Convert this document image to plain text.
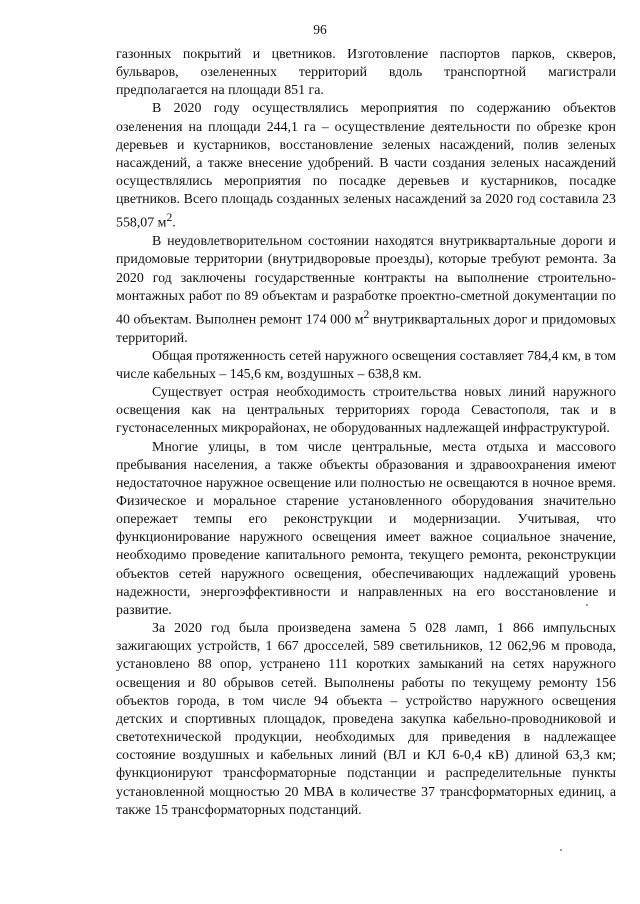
96

газонных покрытий и цветников. Изготовление паспортов парков, скверов, бульваров, озелененных территорий вдоль транспортной магистрали предполагается на площади 851 га.

В 2020 году осуществлялись мероприятия по содержанию объектов озеленения на площади 244,1 га – осуществление деятельности по обрезке крон деревьев и кустарников, восстановление зеленых насаждений, полив зеленых насаждений, а также внесение удобрений. В части создания зеленых насаждений осуществлялись мероприятия по посадке деревьев и кустарников, посадке цветников. Всего площадь созданных зеленых насаждений за 2020 год составила 23 558,07 $м^2$.

В неудовлетворительном состоянии находятся внутриквартальные дороги и придомовые территории (внутридворовые проезды), которые требуют ремонта. За 2020 год заключены государственные контракты на выполнение строительно-монтажных работ по 89 объектам и разработке проектно-сметной документации по 40 объектам. Выполнен ремонт 174 000 $м^2$ внутриквартальных дорог и придомовых территорий.

Общая протяженность сетей наружного освещения составляет 784,4 км, в том числе кабельных – 145,6 км, воздушных – 638,8 км.

Существует острая необходимость строительства новых линий наружного освещения как на центральных территориях города Севастополя, так и в густонаселенных микрорайонах, не оборудованных надлежащей инфраструктурой.

Многие улицы, в том числе центральные, места отдыха и массового пребывания населения, а также объекты образования и здравоохранения имеют недостаточное наружное освещение или полностью не освещаются в ночное время. Физическое и моральное старение установленного оборудования значительно опережает темпы его реконструкции и модернизации. Учитывая, что функционирование наружного освещения имеет важное социальное значение, необходимо проведение капитального ремонта, текущего ремонта, реконструкции объектов сетей наружного освещения, обеспечивающих надлежащий уровень надежности, энергоэффективности и направленных на его восстановление и развитие.

За 2020 год была произведена замена 5 028 ламп, 1 866 импульсных зажигающих устройств, 1 667 дросселей, 589 светильников, 12 062,96 м провода, установлено 88 опор, устранено 111 коротких замыканий на сетях наружного освещения и 80 обрывов сетей. Выполнены работы по текущему ремонту 156 объектов города, в том числе 94 объекта – устройство наружного освещения детских и спортивных площадок, проведена закупка кабельно-проводниковой и светотехнической продукции, необходимых для приведения в надлежащее состояние воздушных и кабельных линий (ВЛ и КЛ 6-0,4 кВ) длиной 63,3 км; функционируют трансформаторные подстанции и распределительные пункты установленной мощностью 20 МВА в количестве 37 трансформаторных единиц, а также 15 трансформаторных подстанций.
